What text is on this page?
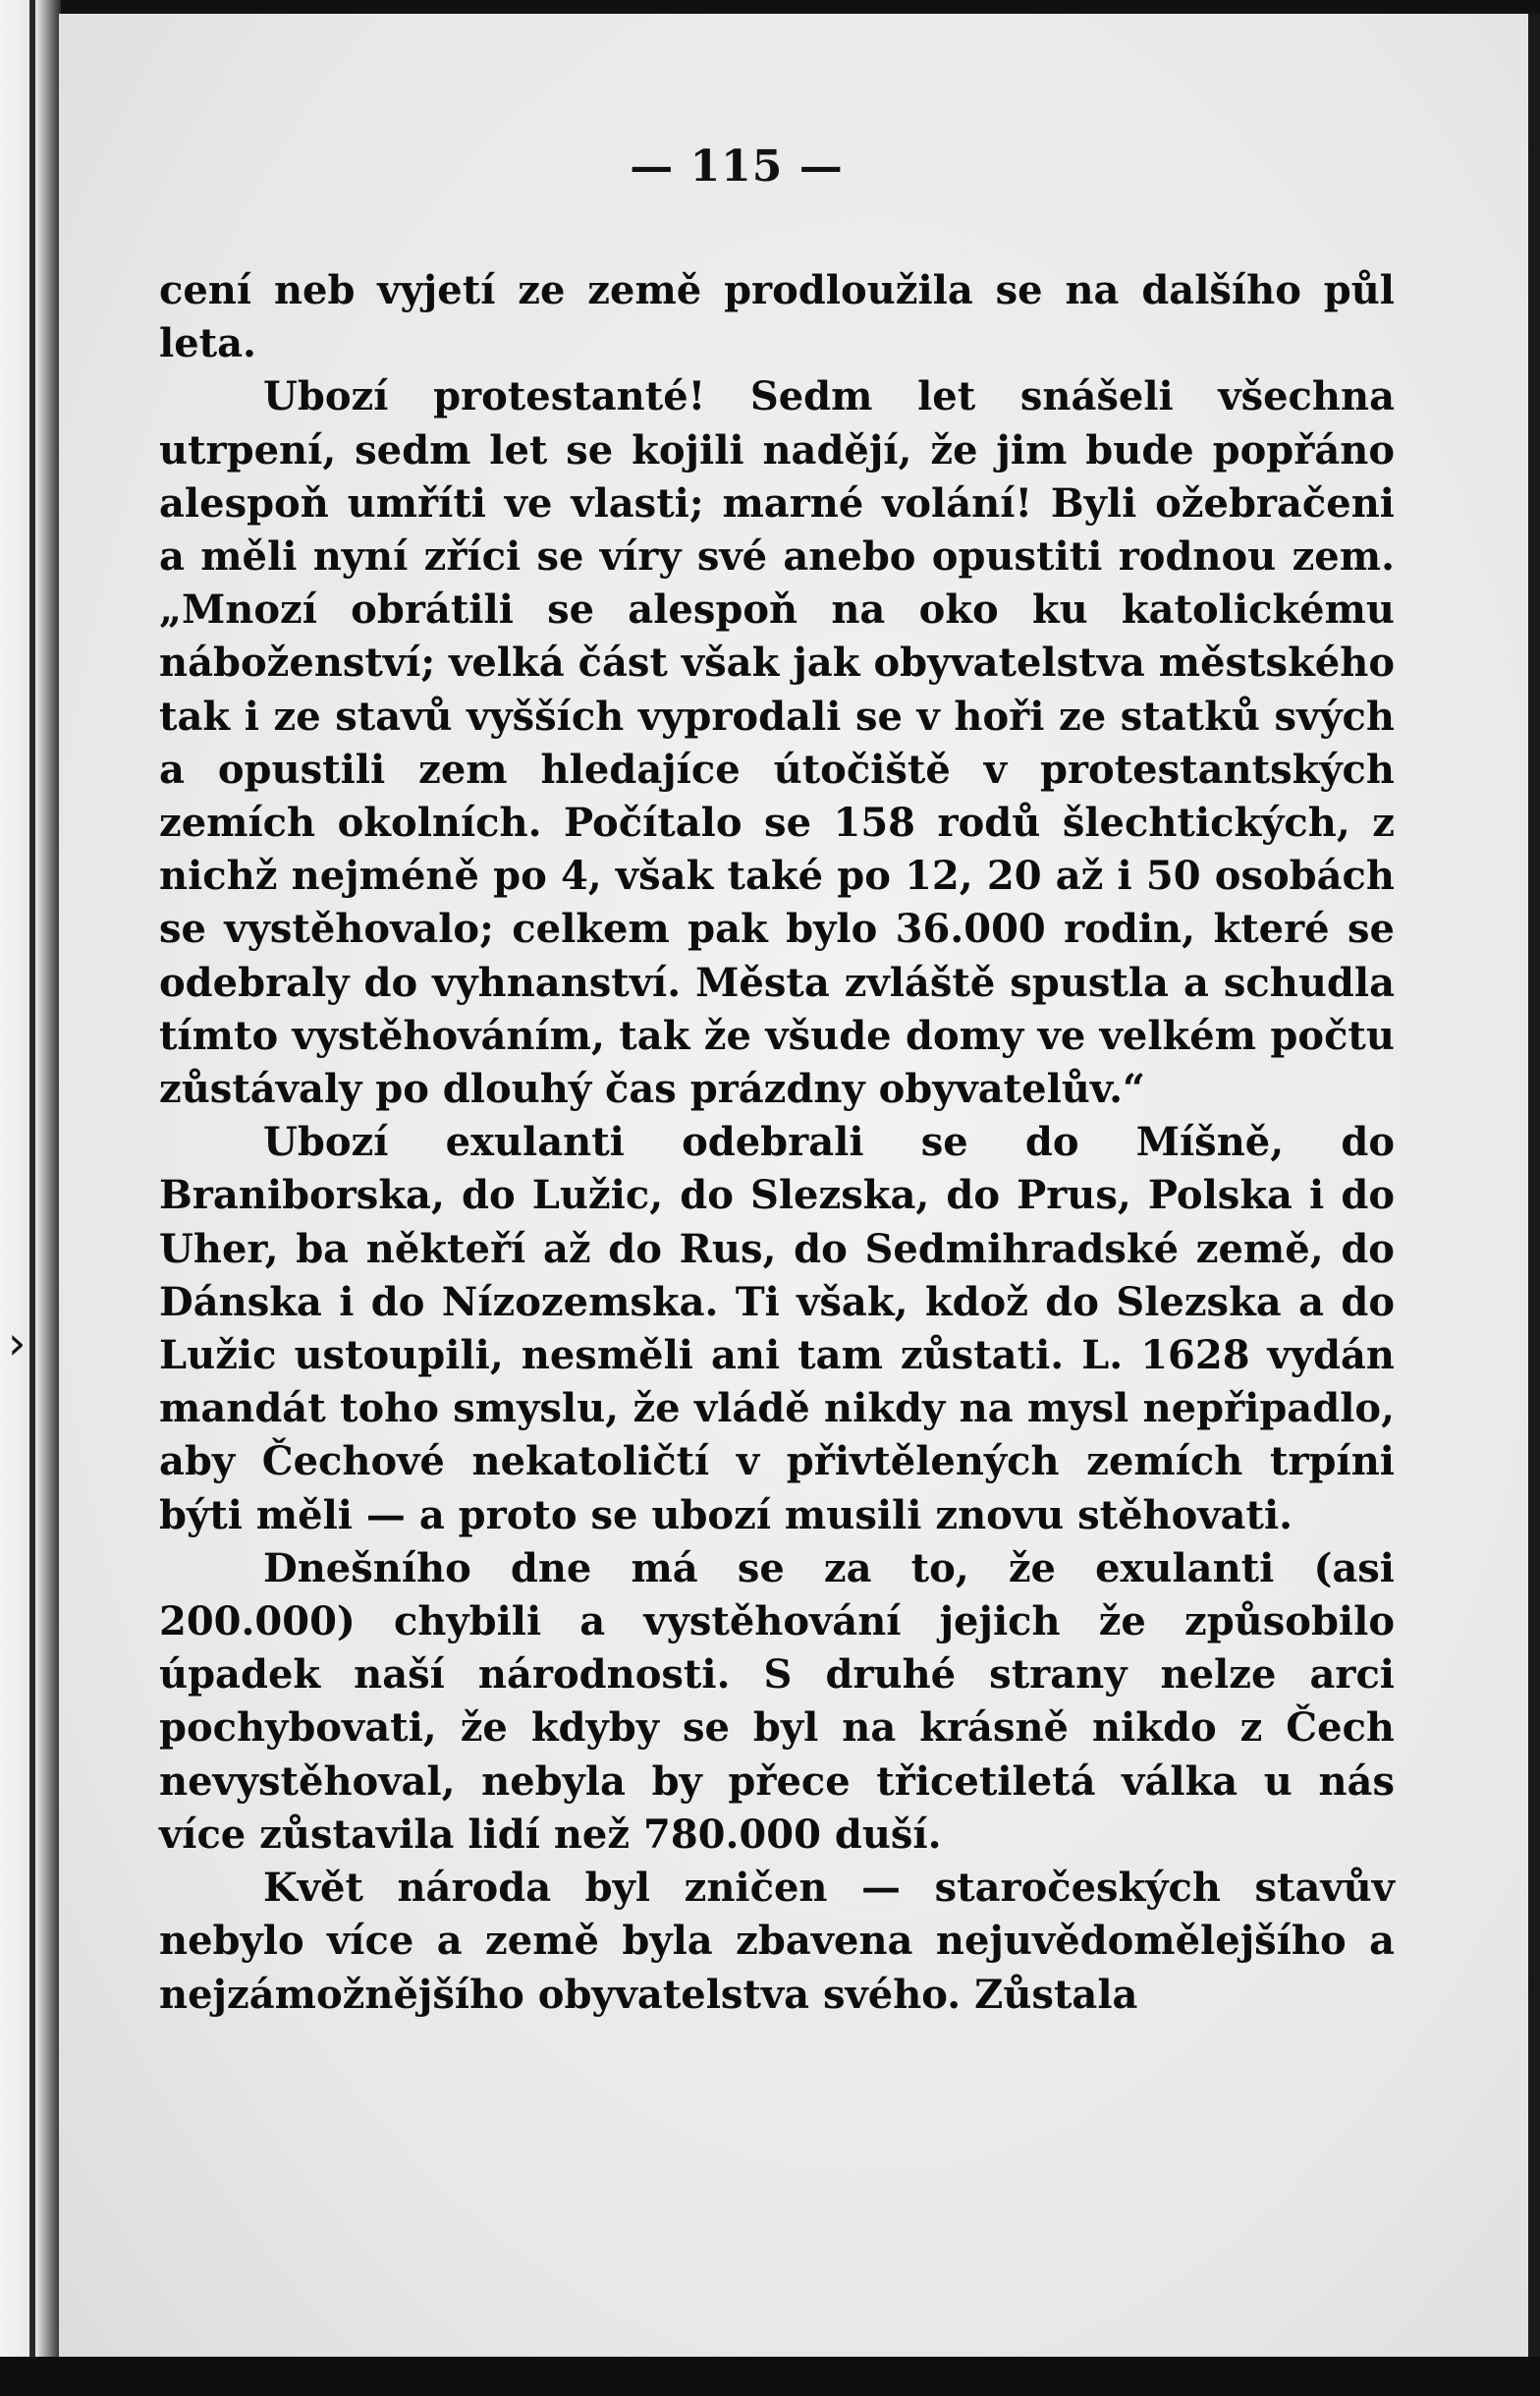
›
— 115 —

cení neb vyjetí ze země prodloužila se na dalšího půl leta.

Ubozí protestanté! Sedm let snášeli všechna utrpení, sedm let se kojili nadějí, že jim bude popřáno alespoň umříti ve vlasti; marné volání! Byli ožebračeni a měli nyní zříci se víry své anebo opustiti rodnou zem. „Mnozí obrátili se alespoň na oko ku katolickému náboženství; velká část však jak obyvatelstva městského tak i ze stavů vyšších vyprodali se v hoři ze statků svých a opustili zem hledajíce útočiště v protestantských zemích okolních. Počítalo se 158 rodů šlechtických, z nichž nejméně po 4, však také po 12, 20 až i 50 osobách se vystěhovalo; celkem pak bylo 36.000 rodin, které se odebraly do vyhnanství. Města zvláště spustla a schudla tímto vystěhováním, tak že všude domy ve velkém počtu zůstávaly po dlouhý čas prázdny obyvatelův.“

Ubozí exulanti odebrali se do Míšně, do Braniborska, do Lužic, do Slezska, do Prus, Polska i do Uher, ba někteří až do Rus, do Sedmihradské země, do Dánska i do Nízozemska. Ti však, kdož do Slezska a do Lužic ustoupili, nesměli ani tam zůstati. L. 1628 vydán mandát toho smyslu, že vládě nikdy na mysl nepřipadlo, aby Čechové nekatoličtí v přivtělených zemích trpíni býti měli — a proto se ubozí musili znovu stěhovati.

Dnešního dne má se za to, že exulanti (asi 200.000) chybili a vystěhování jejich že způsobilo úpadek naší národnosti. S druhé strany nelze arci pochybovati, že kdyby se byl na krásně nikdo z Čech nevystěhoval, nebyla by přece třicetiletá válka u nás více zůstavila lidí než 780.000 duší.

Květ národa byl zničen — staročeských stavův nebylo více a země byla zbavena nejuvědomělejšího a nejzámožnějšího obyvatelstva svého. Zůstala
